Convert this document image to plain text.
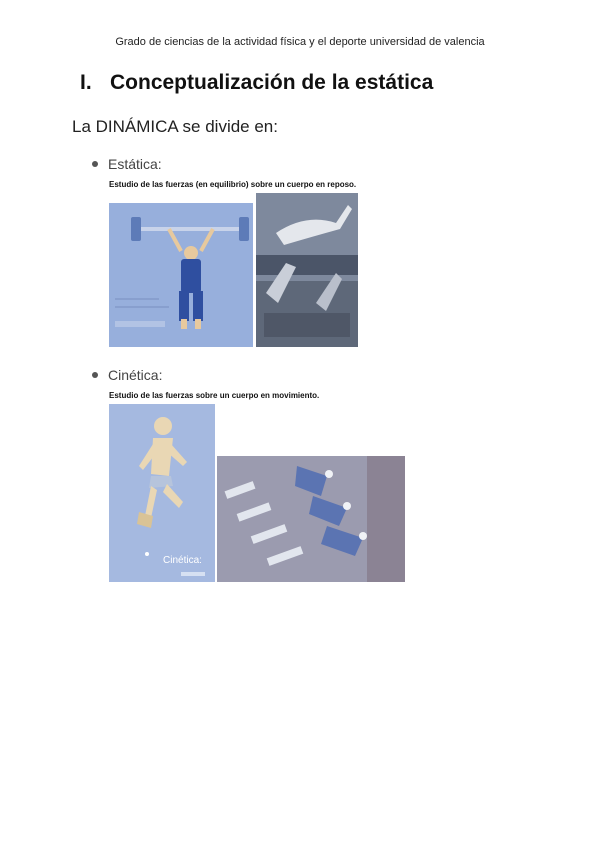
Grado de ciencias de la actividad física y el deporte universidad de valencia
I. Conceptualización de la estática
La DINÁMICA se divide en:
Estática:
Estudio de las fuerzas (en equilibrio) sobre un cuerpo en reposo.
Cinética:
Estudio de las fuerzas sobre un cuerpo en movimiento.
Cinética:
